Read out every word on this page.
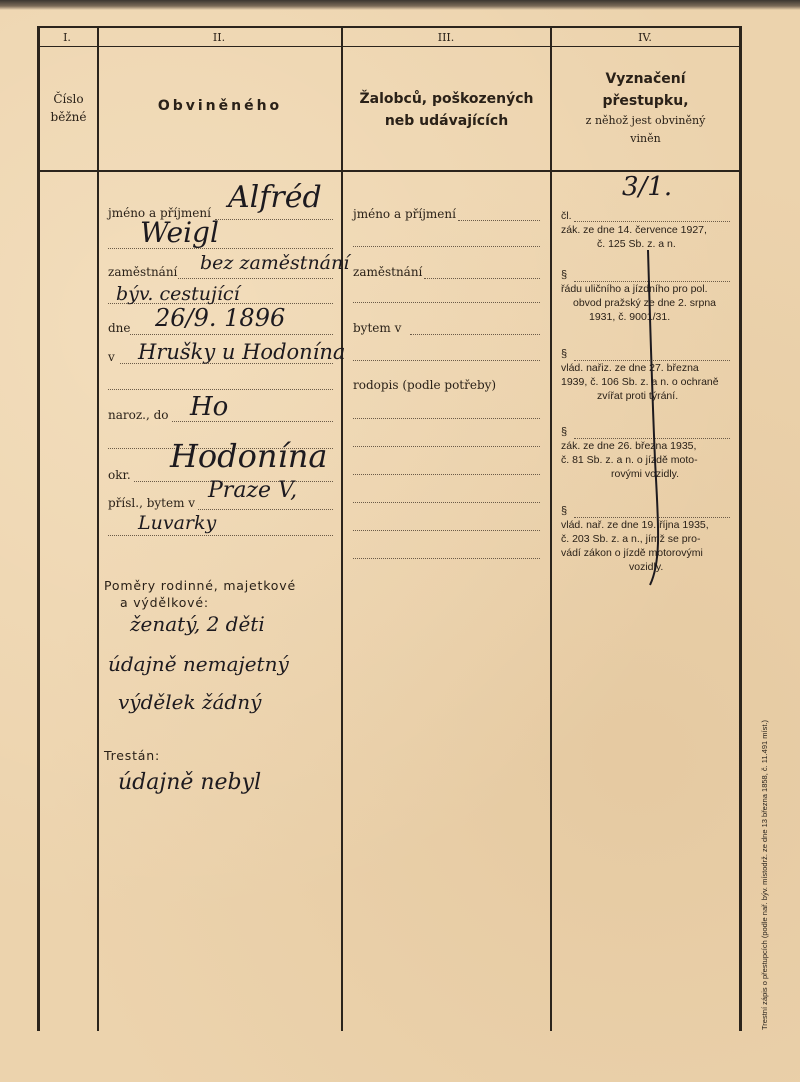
I.	II.	III.	IV.
Číslo
běžné
Obviněného	Žalobců, poškozených
neb udávajících
Vyznačení
přestupku,
z něhož jest obviněný
viněn
jméno a příjmení Alfréd
Weigl
zaměstnání bez zaměstnání
býv. cestující
dne 26/9. 1896
v Hrušky u Hodonína
naroz., do Ho
okr. Hodonína
přísl., bytem v Praze V,
Luvarky
Poměry rodinné, majetkové
a výdělkové:
ženatý, 2 děti
údajně nemajetný
výdělek žádný
Trestán:
údajně nebyl
jméno a příjmení
zaměstnání
bytem v
rodopis (podle potřeby)
3/1.
čl.
zák. ze dne 14. července 1927,
č. 125 Sb. z. a n.
§
řádu uličního a jízdního pro pol.
obvod pražský ze dne 2. srpna
1931, č. 9001/31.
§
vlád. nařiz. ze dne 27. března
1939, č. 106 Sb. z. a n. o ochraně
zvířat proti týrání.
§
zák. ze dne 26. března 1935,
č. 81 Sb. z. a n. o jízdě moto-
rovými vozidly.
§
vlád. nař. ze dne 19. října 1935,
č. 203 Sb. z. a n., jímž se pro-
vádí zákon o jízdě motorovými
vozidly.
Trestní zápis o přestupcích (podle nař. býv. místodrž. ze dne 13 března 1858, č. 11.491 míst.)
